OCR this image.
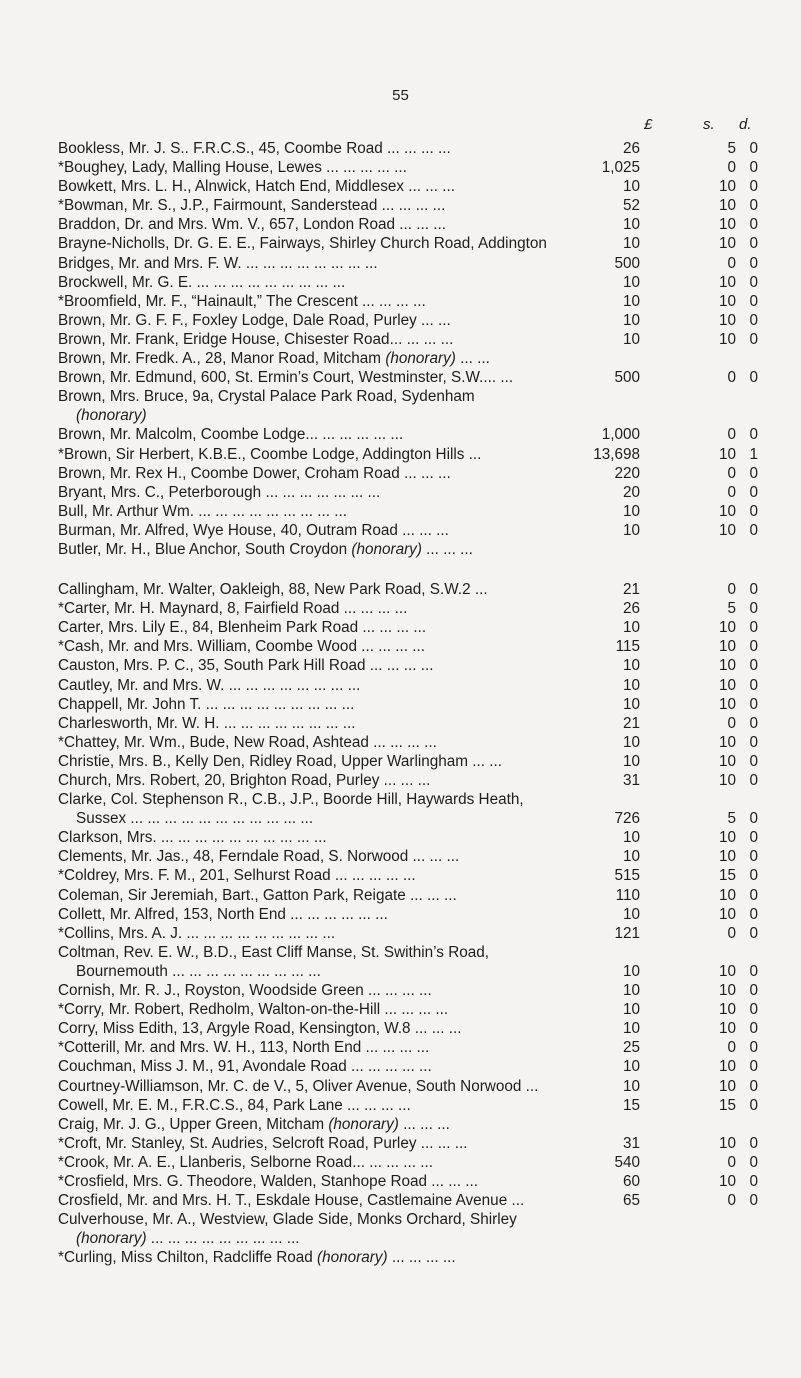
55
£	s. d.
Bookless, Mr. J. S.. F.R.C.S., 45, Coombe Road ... ... ... ...	26	5 0
*Boughey, Lady, Malling House, Lewes ... ... ... ... ...	1,025	0 0
Bowkett, Mrs. L. H., Alnwick, Hatch End, Middlesex ... ... ...	10	10 0
*Bowman, Mr. S., J.P., Fairmount, Sanderstead ... ... ... ...	52	10 0
Braddon, Dr. and Mrs. Wm. V., 657, London Road ... ... ...	10	10 0
Brayne-Nicholls, Dr. G. E. E., Fairways, Shirley Church Road, Addington	10	10 0
Bridges, Mr. and Mrs. F. W. ... ... ... ... ... ... ... ...	500	0 0
Brockwell, Mr. G. E. ... ... ... ... ... ... ... ... ...	10	10 0
*Broomfield, Mr. F., “Hainault,” The Crescent ... ... ... ...	10	10 0
Brown, Mr. G. F. F., Foxley Lodge, Dale Road, Purley ... ...	10	10 0
Brown, Mr. Frank, Eridge House, Chisester Road... ... ... ...	10	10 0
Brown, Mr. Fredk. A., 28, Manor Road, Mitcham (honorary) ... ...
Brown, Mr. Edmund, 600, St. Ermin’s Court, Westminster, S.W.... ...	500	0 0
Brown, Mrs. Bruce, 9a, Crystal Palace Park Road, Sydenham
(honorary)
Brown, Mr. Malcolm, Coombe Lodge... ... ... ... ... ...	1,000	0 0
*Brown, Sir Herbert, K.B.E., Coombe Lodge, Addington Hills ...	13,698	10 1
Brown, Mr. Rex H., Coombe Dower, Croham Road ... ... ...	220	0 0
Bryant, Mrs. C., Peterborough ... ... ... ... ... ... ...	20	0 0
Bull, Mr. Arthur Wm. ... ... ... ... ... ... ... ... ...	10	10 0
Burman, Mr. Alfred, Wye House, 40, Outram Road ... ... ...	10	10 0
Butler, Mr. H., Blue Anchor, South Croydon (honorary) ... ... ...
Callingham, Mr. Walter, Oakleigh, 88, New Park Road, S.W.2 ...	21	0 0
*Carter, Mr. H. Maynard, 8, Fairfield Road ... ... ... ...	26	5 0
Carter, Mrs. Lily E., 84, Blenheim Park Road ... ... ... ...	10	10 0
*Cash, Mr. and Mrs. William, Coombe Wood ... ... ... ...	115	10 0
Causton, Mrs. P. C., 35, South Park Hill Road ... ... ... ...	10	10 0
Cautley, Mr. and Mrs. W. ... ... ... ... ... ... ... ...	10	10 0
Chappell, Mr. John T. ... ... ... ... ... ... ... ... ...	10	10 0
Charlesworth, Mr. W. H. ... ... ... ... ... ... ... ...	21	0 0
*Chattey, Mr. Wm., Bude, New Road, Ashtead ... ... ... ...	10	10 0
Christie, Mrs. B., Kelly Den, Ridley Road, Upper Warlingham ... ...	10	10 0
Church, Mrs. Robert, 20, Brighton Road, Purley ... ... ...	31	10 0
Clarke, Col. Stephenson R., C.B., J.P., Boorde Hill, Haywards Heath,
Sussex ... ... ... ... ... ... ... ... ... ... ...	726	5 0
Clarkson, Mrs. ... ... ... ... ... ... ... ... ... ...	10	10 0
Clements, Mr. Jas., 48, Ferndale Road, S. Norwood ... ... ...	10	10 0
*Coldrey, Mrs. F. M., 201, Selhurst Road ... ... ... ... ...	515	15 0
Coleman, Sir Jeremiah, Bart., Gatton Park, Reigate ... ... ...	110	10 0
Collett, Mr. Alfred, 153, North End ... ... ... ... ... ...	10	10 0
*Collins, Mrs. A. J. ... ... ... ... ... ... ... ... ...	121	0 0
Coltman, Rev. E. W., B.D., East Cliff Manse, St. Swithin’s Road,
Bournemouth ... ... ... ... ... ... ... ... ...	10	10 0
Cornish, Mr. R. J., Royston, Woodside Green ... ... ... ...	10	10 0
*Corry, Mr. Robert, Redholm, Walton-on-the-Hill ... ... ... ...	10	10 0
Corry, Miss Edith, 13, Argyle Road, Kensington, W.8 ... ... ...	10	10 0
*Cotterill, Mr. and Mrs. W. H., 113, North End ... ... ... ...	25	0 0
Couchman, Miss J. M., 91, Avondale Road ... ... ... ... ...	10	10 0
Courtney-Williamson, Mr. C. de V., 5, Oliver Avenue, South Norwood ...	10	10 0
Cowell, Mr. E. M., F.R.C.S., 84, Park Lane ... ... ... ...	15	15 0
Craig, Mr. J. G., Upper Green, Mitcham (honorary) ... ... ...
*Croft, Mr. Stanley, St. Audries, Selcroft Road, Purley ... ... ...	31	10 0
*Crook, Mr. A. E., Llanberis, Selborne Road... ... ... ... ...	540	0 0
*Crosfield, Mrs. G. Theodore, Walden, Stanhope Road ... ... ...	60	10 0
Crosfield, Mr. and Mrs. H. T., Eskdale House, Castlemaine Avenue ...	65	0 0
Culverhouse, Mr. A., Westview, Glade Side, Monks Orchard, Shirley
(honorary) ... ... ... ... ... ... ... ... ...
*Curling, Miss Chilton, Radcliffe Road (honorary) ... ... ... ...
